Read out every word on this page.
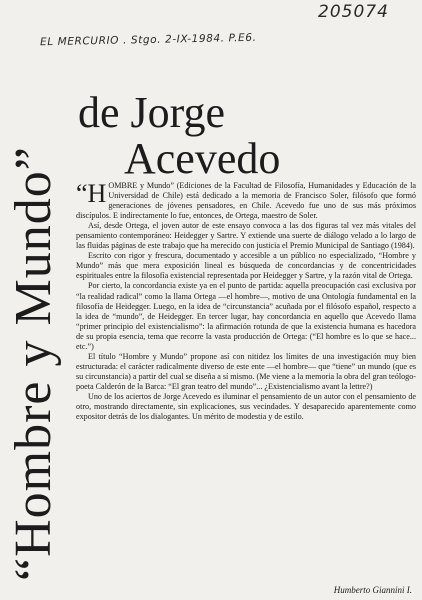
205074
EL MERCURIO . Stgo. 2-IX-1984. P.E6.
“Hombre y Mundo”
de Jorge
Acevedo

“HOMBRE y Mundo” (Ediciones de la Facultad de Filosofía, Humanidades y Educación de la Universidad de Chile) está dedicado a la memoria de Francisco Soler, filósofo que formó generaciones de jóvenes pensadores, en Chile. Acevedo fue uno de sus más próximos discípulos. E indirectamente lo fue, entonces, de Ortega, maestro de Soler.

Así, desde Ortega, el joven autor de este ensayo convoca a las dos figuras tal vez más vitales del pensamiento contemporáneo: Heidegger y Sartre. Y extiende una suerte de diálogo velado a lo largo de las fluidas páginas de este trabajo que ha merecido con justicia el Premio Municipal de Santiago (1984).

Escrito con rigor y frescura, documentado y accesible a un público no especializado, “Hombre y Mundo” más que mera exposición lineal es búsqueda de concordancias y de concentricidades espirituales entre la filosofía existencial representada por Heidegger y Sartre, y la razón vital de Ortega.

Por cierto, la concordancia existe ya en el punto de partida: aquella preocupación casi exclusiva por “la realidad radical” como la llama Ortega —el hombre—, motivo de una Ontología fundamental en la filosofía de Heidegger. Luego, en la idea de “circunstancia” acuñada por el filósofo español, respecto a la idea de “mundo”, de Heidegger. En tercer lugar, hay concordancia en aquello que Acevedo llama “primer principio del existencialismo”: la afirmación rotunda de que la existencia humana es hacedora de su propia esencia, tema que recorre la vasta producción de Ortega: (“El hombre es lo que se hace... etc.”)

El título “Hombre y Mundo” propone así con nitidez los límites de una investigación muy bien estructurada: el carácter radicalmente diverso de este ente —el hombre— que “tiene” un mundo (que es su circunstancia) a partir del cual se diseña a sí mismo. (Me viene a la memoria la obra del gran teólogo-poeta Calderón de la Barca: “El gran teatro del mundo”... ¿Existencialismo avant la lettre?)

Uno de los aciertos de Jorge Acevedo es iluminar el pensamiento de un autor con el pensamiento de otro, mostrando directamente, sin explicaciones, sus vecindades. Y desaparecido aparentemente como expositor detrás de los dialogantes. Un mérito de modestia y de estilo.

Humberto Giannini I.
